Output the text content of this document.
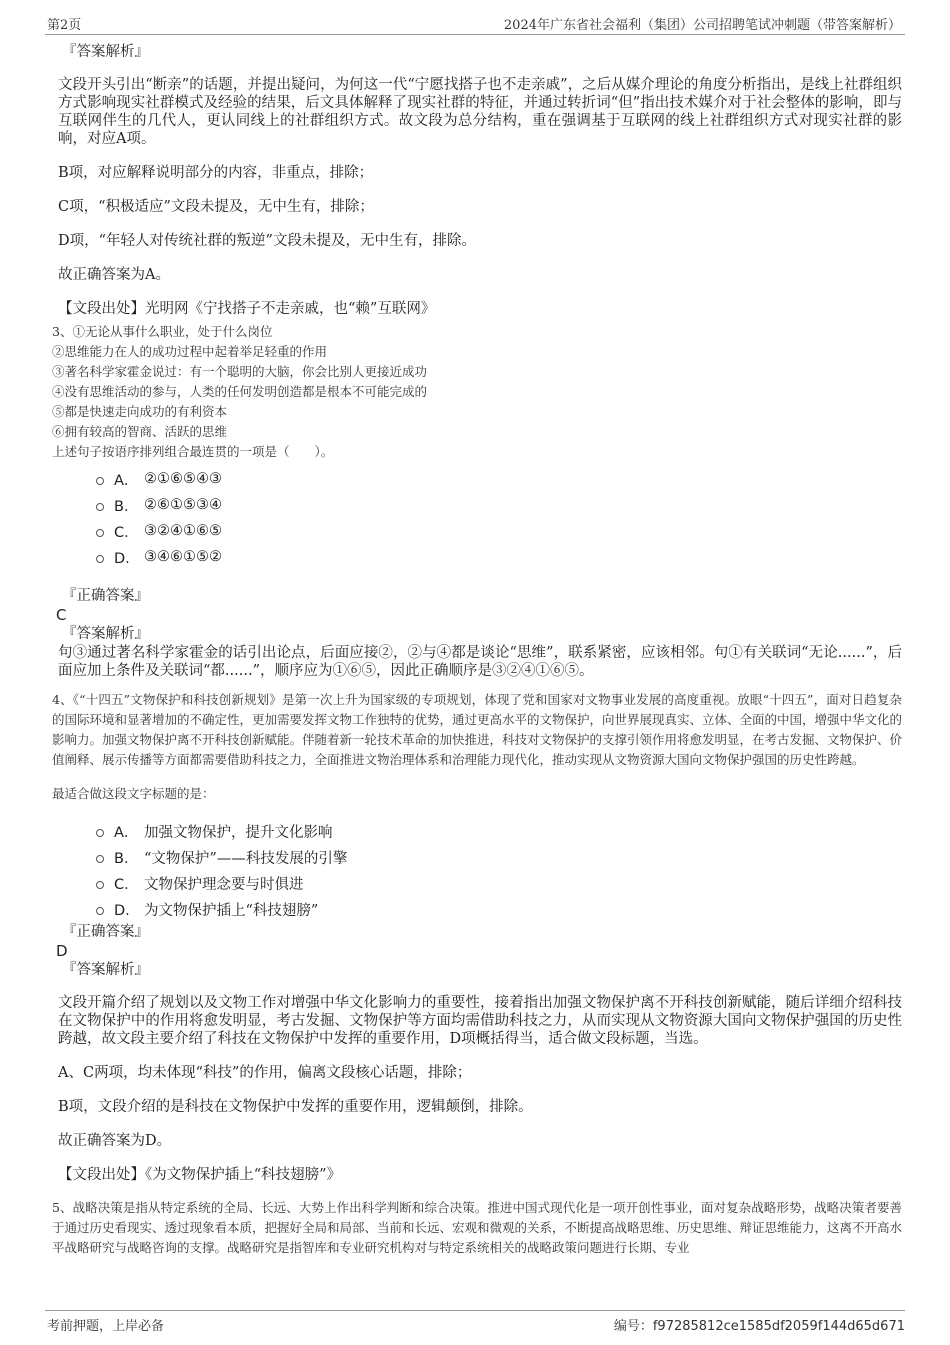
第2页	2024年广东省社会福利（集团）公司招聘笔试冲刺题（带答案解析）
『答案解析』

文段开头引出“断亲”的话题，并提出疑问，为何这一代“宁愿找搭子也不走亲戚”，之后从媒介理论的角度分析指出，是线上社群组织方式影响现实社群模式及经验的结果，后文具体解释了现实社群的特征，并通过转折词“但”指出技术媒介对于社会整体的影响，即与互联网伴生的几代人，更认同线上的社群组织方式。故文段为总分结构，重在强调基于互联网的线上社群组织方式对现实社群的影响，对应A项。

B项，对应解释说明部分的内容，非重点，排除；

C项，“积极适应”文段未提及，无中生有，排除；

D项，“年轻人对传统社群的叛逆”文段未提及，无中生有，排除。

故正确答案为A。

【文段出处】光明网《宁找搭子不走亲戚，也“赖”互联网》

3、①无论从事什么职业，处于什么岗位

②思维能力在人的成功过程中起着举足轻重的作用

③著名科学家霍金说过：有一个聪明的大脑，你会比别人更接近成功

④没有思维活动的参与，人类的任何发明创造都是根本不可能完成的

⑤都是快速走向成功的有利资本

⑥拥有较高的智商、活跃的思维

上述句子按语序排列组合最连贯的一项是（　　）。

A． ②①⑥⑤④③
B． ②⑥①⑤③④
C． ③②④①⑥⑤
D． ③④⑥①⑤②
『正确答案』
C
『答案解析』

句③通过著名科学家霍金的话引出论点，后面应接②，②与④都是谈论“思维”，联系紧密，应该相邻。句①有关联词“无论......”，后面应加上条件及关联词“都......”，顺序应为①⑥⑤，因此正确顺序是③②④①⑥⑤。

4、《“十四五”文物保护和科技创新规划》是第一次上升为国家级的专项规划，体现了党和国家对文物事业发展的高度重视。放眼“十四五”，面对日趋复杂的国际环境和显著增加的不确定性，更加需要发挥文物工作独特的优势，通过更高水平的文物保护，向世界展现真实、立体、全面的中国，增强中华文化的影响力。加强文物保护离不开科技创新赋能。伴随着新一轮技术革命的加快推进，科技对文物保护的支撑引领作用将愈发明显，在考古发掘、文物保护、价值阐释、展示传播等方面都需要借助科技之力，全面推进文物治理体系和治理能力现代化，推动实现从文物资源大国向文物保护强国的历史性跨越。

最适合做这段文字标题的是：

A． 加强文物保护，提升文化影响
B． “文物保护”——科技发展的引擎
C． 文物保护理念要与时俱进
D． 为文物保护插上“科技翅膀”
『正确答案』
D
『答案解析』

文段开篇介绍了规划以及文物工作对增强中华文化影响力的重要性，接着指出加强文物保护离不开科技创新赋能，随后详细介绍科技在文物保护中的作用将愈发明显，考古发掘、文物保护等方面均需借助科技之力，从而实现从文物资源大国向文物保护强国的历史性跨越，故文段主要介绍了科技在文物保护中发挥的重要作用，D项概括得当，适合做文段标题，当选。

A、C两项，均未体现“科技”的作用，偏离文段核心话题，排除；

B项，文段介绍的是科技在文物保护中发挥的重要作用，逻辑颠倒，排除。

故正确答案为D。

【文段出处】《为文物保护插上“科技翅膀”》

5、战略决策是指从特定系统的全局、长远、大势上作出科学判断和综合决策。推进中国式现代化是一项开创性事业，面对复杂战略形势，战略决策者要善于通过历史看现实、透过现象看本质，把握好全局和局部、当前和长远、宏观和微观的关系，不断提高战略思维、历史思维、辩证思维能力，这离不开高水平战略研究与战略咨询的支撑。战略研究是指智库和专业研究机构对与特定系统相关的战略政策问题进行长期、专业

考前押题，上岸必备	编号：f97285812ce1585df2059f144d65d671
